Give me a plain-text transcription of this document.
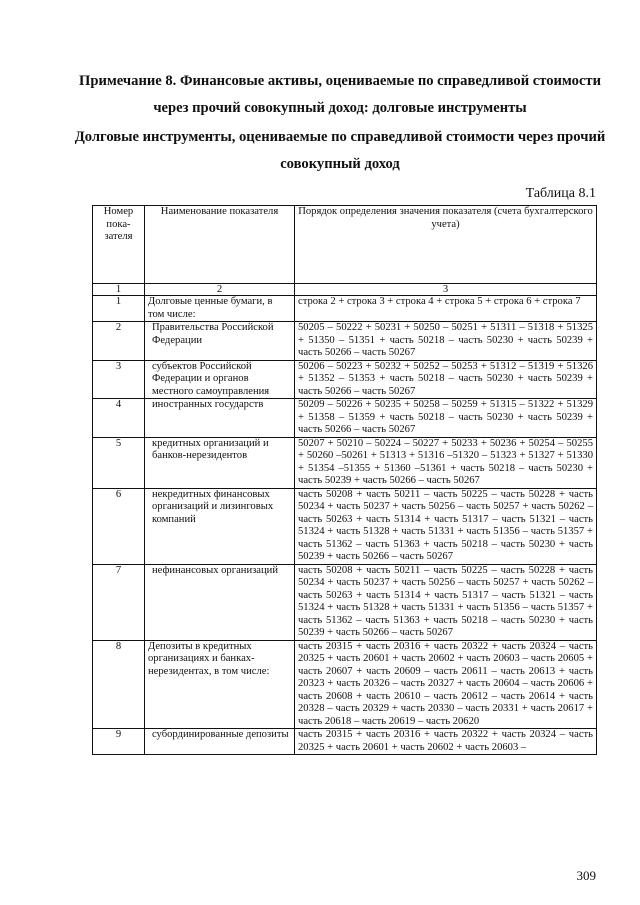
Примечание 8. Финансовые активы, оцениваемые по справедливой стоимости через прочий совокупный доход: долговые инструменты
Долговые инструменты, оцениваемые по справедливой стоимости через прочий совокупный доход
Таблица 8.1
Номер пока-зателя	Наименование показателя	Порядок определения значения показателя (счета бухгалтерского учета)
1	2	3
1	Долговые ценные бумаги, в том числе:	строка 2 + строка 3 + строка 4 + строка 5 + строка 6 + строка 7
2	Правительства Российской Федерации	50205 – 50222 + 50231 + 50250 – 50251 + 51311 – 51318 + 51325 + 51350 – 51351 + часть 50218 – часть 50230 + часть 50239 + часть 50266 – часть 50267
3	субъектов Российской Федерации и органов местного самоуправления	50206 – 50223 + 50232 + 50252 – 50253 + 51312 – 51319 + 51326 + 51352 – 51353 + часть 50218 – часть 50230 + часть 50239 + часть 50266 – часть 50267
4	иностранных государств	50209 – 50226 + 50235 + 50258 – 50259 + 51315 – 51322 + 51329 + 51358 – 51359 + часть 50218 – часть 50230 + часть 50239 + часть 50266 – часть 50267
5	кредитных организаций и банков-нерезидентов	50207 + 50210 – 50224 – 50227 + 50233 + 50236 + 50254 – 50255 + 50260 –50261 + 51313 + 51316 –51320 – 51323 + 51327 + 51330 + 51354 –51355 + 51360 –51361 + часть 50218 – часть 50230 + часть 50239 + часть 50266 – часть 50267
6	некредитных финансовых организаций и лизинговых компаний	часть 50208 + часть 50211 – часть 50225 – часть 50228 + часть 50234 + часть 50237 + часть 50256 – часть 50257 + часть 50262 – часть 50263 + часть 51314 + часть 51317 – часть 51321 – часть 51324 + часть 51328 + часть 51331 + часть 51356 – часть 51357 + часть 51362 – часть 51363 + часть 50218 – часть 50230 + часть 50239 + часть 50266 – часть 50267
7	нефинансовых организаций	часть 50208 + часть 50211 – часть 50225 – часть 50228 + часть 50234 + часть 50237 + часть 50256 – часть 50257 + часть 50262 – часть 50263 + часть 51314 + часть 51317 – часть 51321 – часть 51324 + часть 51328 + часть 51331 + часть 51356 – часть 51357 + часть 51362 – часть 51363 + часть 50218 – часть 50230 + часть 50239 + часть 50266 – часть 50267
8	Депозиты в кредитных организациях и банках-нерезидентах, в том числе:	часть 20315 + часть 20316 + часть 20322 + часть 20324 – часть 20325 + часть 20601 + часть 20602 + часть 20603 – часть 20605 + часть 20607 + часть 20609 – часть 20611 – часть 20613 + часть 20323 + часть 20326 – часть 20327 + часть 20604 – часть 20606 + часть 20608 + часть 20610 – часть 20612 – часть 20614 + часть 20328 – часть 20329 + часть 20330 – часть 20331 + часть 20617 + часть 20618 – часть 20619 – часть 20620
9	субординированные депозиты	часть 20315 + часть 20316 + часть 20322 + часть 20324 – часть 20325 + часть 20601 + часть 20602 + часть 20603 –
309
